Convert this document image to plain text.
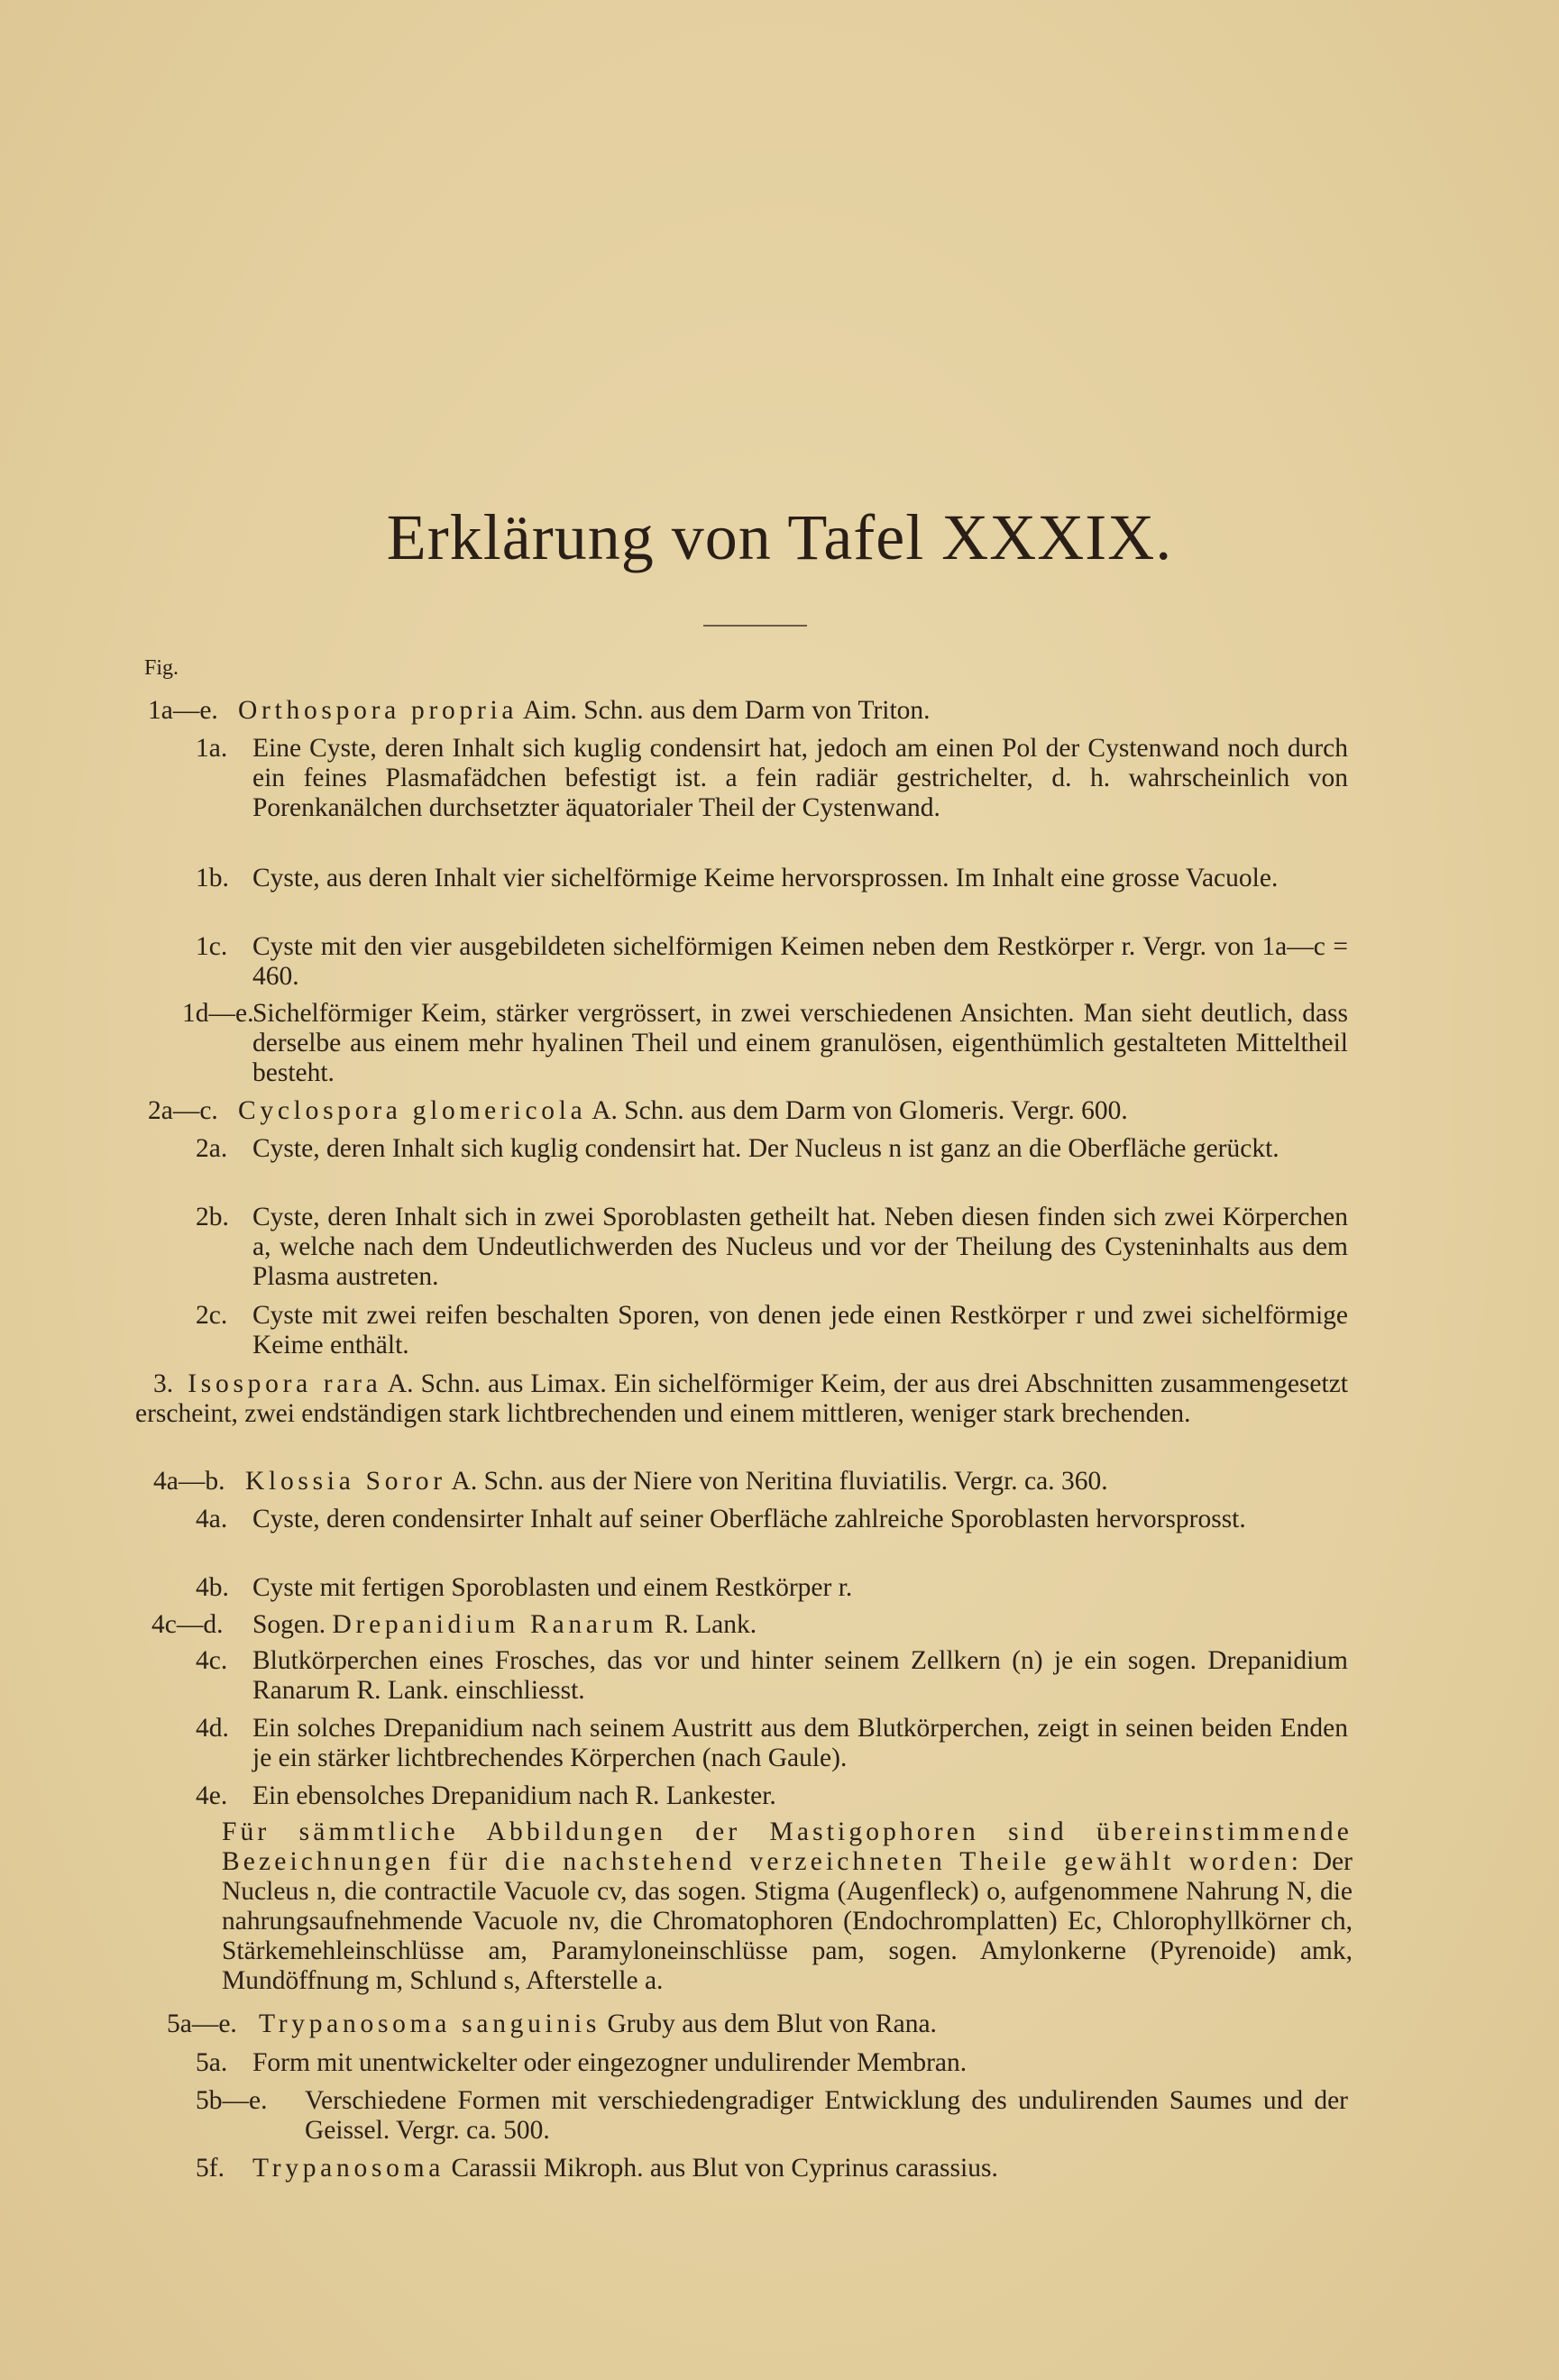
Erklärung von Tafel XXXIX.
Fig.
1a—e. Orthospora propria Aim. Schn. aus dem Darm von Triton.
1a. Eine Cyste, deren Inhalt sich kuglig condensirt hat, jedoch am einen Pol der Cystenwand noch durch ein feines Plasmafädchen befestigt ist. a fein radiär gestrichelter, d. h. wahrscheinlich von Porenkanälchen durchsetzter äquatorialer Theil der Cystenwand.
1b. Cyste, aus deren Inhalt vier sichelförmige Keime hervorsprossen. Im Inhalt eine grosse Vacuole.
1c. Cyste mit den vier ausgebildeten sichelförmigen Keimen neben dem Restkörper r. Vergr. von 1a—c = 460.
1d—e.
Sichelförmiger Keim, stärker vergrössert, in zwei verschiedenen Ansichten. Man sieht deutlich, dass derselbe aus einem mehr hyalinen Theil und einem granulösen, eigenthümlich gestalteten Mitteltheil besteht.
2a—c. Cyclospora glomericola A. Schn. aus dem Darm von Glomeris. Vergr. 600.
2a. Cyste, deren Inhalt sich kuglig condensirt hat. Der Nucleus n ist ganz an die Oberfläche gerückt.
2b. Cyste, deren Inhalt sich in zwei Sporoblasten getheilt hat. Neben diesen finden sich zwei Körperchen a, welche nach dem Undeutlichwerden des Nucleus und vor der Theilung des Cysteninhalts aus dem Plasma austreten.
2c. Cyste mit zwei reifen beschalten Sporen, von denen jede einen Restkörper r und zwei sichelförmige Keime enthält.
3. Isospora rara A. Schn. aus Limax. Ein sichelförmiger Keim, der aus drei Abschnitten zusammengesetzt erscheint, zwei endständigen stark lichtbrechenden und einem mittleren, weniger stark brechenden.
4a—b. Klossia Soror A. Schn. aus der Niere von Neritina fluviatilis. Vergr. ca. 360.
4a. Cyste, deren condensirter Inhalt auf seiner Oberfläche zahlreiche Sporoblasten hervorsprosst.
4b. Cyste mit fertigen Sporoblasten und einem Restkörper r.
4c—d. Sogen. Drepanidium Ranarum R. Lank.
4c. Blutkörperchen eines Frosches, das vor und hinter seinem Zellkern (n) je ein sogen. Drepanidium Ranarum R. Lank. einschliesst.
4d. Ein solches Drepanidium nach seinem Austritt aus dem Blutkörperchen, zeigt in seinen beiden Enden je ein stärker lichtbrechendes Körperchen (nach Gaule).
4e. Ein ebensolches Drepanidium nach R. Lankester.
Für sämmtliche Abbildungen der Mastigophoren sind übereinstimmende Bezeichnungen für die nachstehend verzeichneten Theile gewählt worden: Der Nucleus n, die contractile Vacuole cv, das sogen. Stigma (Augenfleck) o, aufgenommene Nahrung N, die nahrungsaufnehmende Vacuole nv, die Chromatophoren (Endochromplatten) Ec, Chlorophyllkörner ch, Stärkemehleinschlüsse am, Paramyloneinschlüsse pam, sogen. Amylonkerne (Pyrenoide) amk, Mundöffnung m, Schlund s, Afterstelle a.
5a—e. Trypanosoma sanguinis Gruby aus dem Blut von Rana.
5a. Form mit unentwickelter oder eingezogner undulirender Membran.
5b—e. Verschiedene Formen mit verschiedengradiger Entwicklung des undulirenden Saumes und der Geissel. Vergr. ca. 500.
5f. Trypanosoma Carassii Mikroph. aus Blut von Cyprinus carassius.
